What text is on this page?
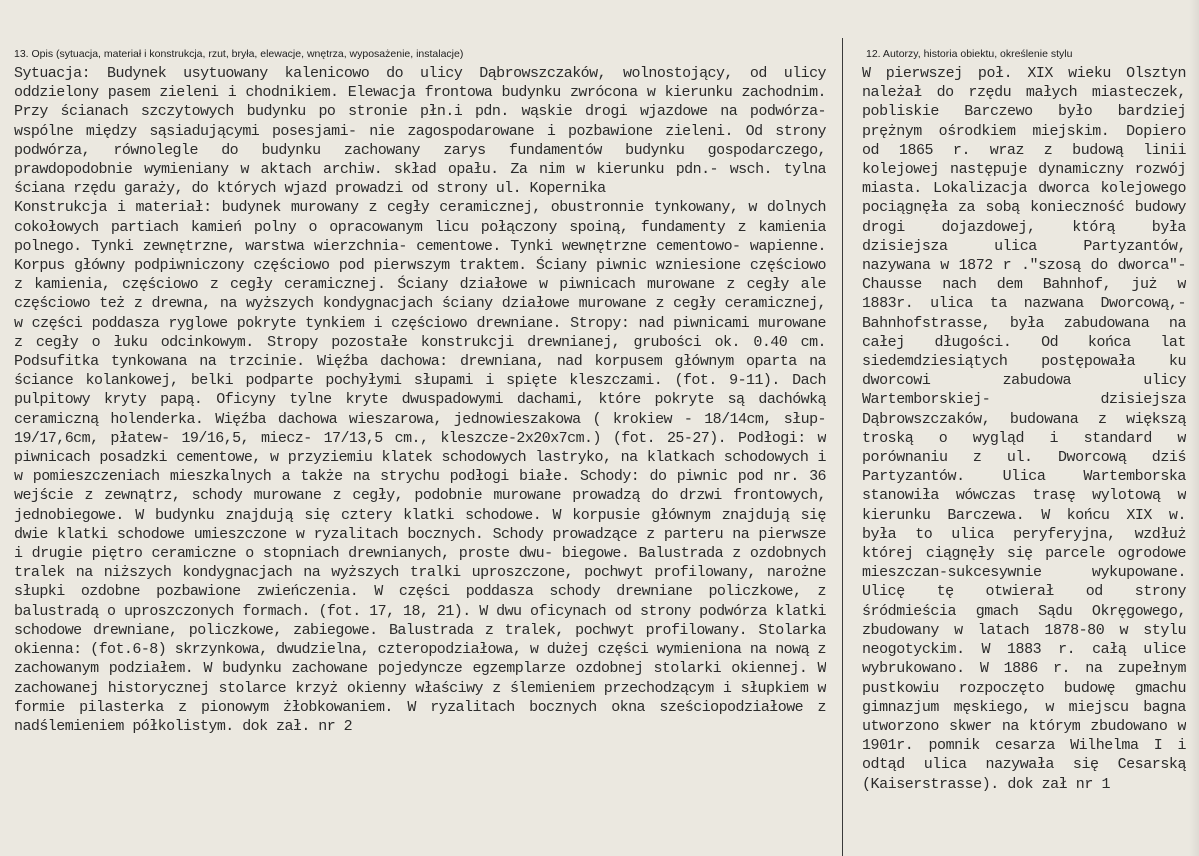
13. Opis (sytuacja, materiał i konstrukcja, rzut, bryła, elewacje, wnętrza, wyposażenie, instalacje)

Sytuacja: Budynek usytuowany kalenicowo do ulicy Dąbrowszczaków, wolnostojący, od ulicy oddzielony pasem zieleni i chodnikiem. Elewacja frontowa budynku zwrócona w kierunku zachodnim. Przy ścianach szczytowych budynku po stronie płn.i pdn. wąskie drogi wjazdowe na podwórza- wspólne między sąsiadującymi posesjami- nie zagospodarowane i pozbawione zieleni. Od strony podwórza, równolegle do budynku zachowany zarys fundamentów budynku gospodarczego, prawdopodobnie wymieniany w aktach archiw. skład opału. Za nim w kierunku pdn.- wsch. tylna ściana rzędu garaży, do których wjazd prowadzi od strony ul. Kopernika

Konstrukcja i materiał: budynek murowany z cegły ceramicznej, obustronnie tynkowany, w dolnych cokołowych partiach kamień polny o opracowanym licu połączony spoiną, fundamenty z kamienia polnego. Tynki zewnętrzne, warstwa wierzchnia- cementowe. Tynki wewnętrzne cementowo- wapienne. Korpus główny podpiwniczony częściowo pod pierwszym traktem. Ściany piwnic wzniesione częściowo z kamienia, częściowo z cegły ceramicznej. Ściany działowe w piwnicach murowane z cegły ale częściowo też z drewna, na wyższych kondygnacjach ściany działowe murowane z cegły ceramicznej, w części poddasza ryglowe pokryte tynkiem i częściowo drewniane. Stropy: nad piwnicami murowane z cegły o łuku odcinkowym. Stropy pozostałe konstrukcji drewnianej, grubości ok. 0.40 cm. Podsufitka tynkowana na trzcinie. Więźba dachowa: drewniana, nad korpusem głównym oparta na ściance kolankowej, belki podparte pochyłymi słupami i spięte kleszczami. (fot. 9-11). Dach pulpitowy kryty papą. Oficyny tylne kryte dwuspadowymi dachami, które pokryte są dachówką ceramiczną holenderka. Więźba dachowa wieszarowa, jednowieszakowa ( krokiew - 18/14cm, słup- 19/17,6cm, płatew- 19/16,5, miecz- 17/13,5 cm., kleszcze-2x20x7cm.) (fot. 25-27). Podłogi: w piwnicach posadzki cementowe, w przyziemiu klatek schodowych lastryko, na klatkach schodowych i w pomieszczeniach mieszkalnych a także na strychu podłogi białe. Schody: do piwnic pod nr. 36 wejście z zewnątrz, schody murowane z cegły, podobnie murowane prowadzą do drzwi frontowych, jednobiegowe. W budynku znajdują się cztery klatki schodowe. W korpusie głównym znajdują się dwie klatki schodowe umieszczone w ryzalitach bocznych. Schody prowadzące z parteru na pierwsze i drugie piętro ceramiczne o stopniach drewnianych, proste dwu- biegowe. Balustrada z ozdobnych tralek na niższych kondygnacjach na wyższych tralki uproszczone, pochwyt profilowany, narożne słupki ozdobne pozbawione zwieńczenia. W części poddasza schody drewniane policzkowe, z balustradą o uproszczonych formach. (fot. 17, 18, 21). W dwu oficynach od strony podwórza klatki schodowe drewniane, policzkowe, zabiegowe. Balustrada z tralek, pochwyt profilowany. Stolarka okienna: (fot.6-8) skrzynkowa, dwudzielna, czteropodziałowa, w dużej części wymieniona na nową z zachowanym podziałem. W budynku zachowane pojedyncze egzemplarze ozdobnej stolarki okiennej. W zachowanej historycznej stolarce krzyż okienny właściwy z ślemieniem przechodzącym i słupkiem w formie pilasterka z pionowym żłobkowaniem. W ryzalitach bocznych okna sześciopodziałowe z nadślemieniem półkolistym. dok zał. nr 2

12. Autorzy, historia obiektu, określenie stylu

W pierwszej poł. XIX wieku Olsztyn należał do rzędu małych miasteczek, pobliskie Barczewo było bardziej prężnym ośrodkiem miejskim. Dopiero od 1865 r. wraz z budową linii kolejowej następuje dynamiczny rozwój miasta. Lokalizacja dworca kolejowego pociągnęła za sobą konieczność budowy drogi dojazdowej, którą była dzisiejsza ulica Partyzantów, nazywana w 1872 r ."szosą do dworca"- Chausse nach dem Bahnhof, już w 1883r. ulica ta nazwana Dworcową,- Bahnhofstrasse, była zabudowana na całej długości. Od końca lat siedemdziesiątych postępowała ku dworcowi zabudowa ulicy Wartemborskiej- dzisiejsza Dąbrowszczaków, budowana z większą troską o wygląd i standard w porównaniu z ul. Dworcową dziś Partyzantów. Ulica Wartemborska stanowiła wówczas trasę wylotową w kierunku Barczewa. W końcu XIX w. była to ulica peryferyjna, wzdłuż której ciągnęły się parcele ogrodowe mieszczan-sukcesywnie wykupowane. Ulicę tę otwierał od strony śródmieścia gmach Sądu Okręgowego, zbudowany w latach 1878-80 w stylu neogotyckim. W 1883 r. całą ulice wybrukowano. W 1886 r. na zupełnym pustkowiu rozpoczęto budowę gmachu gimnazjum męskiego, w miejscu bagna utworzono skwer na którym zbudowano w 1901r. pomnik cesarza Wilhelma I i odtąd ulica nazywała się Cesarską (Kaiserstrasse). dok zał nr 1
